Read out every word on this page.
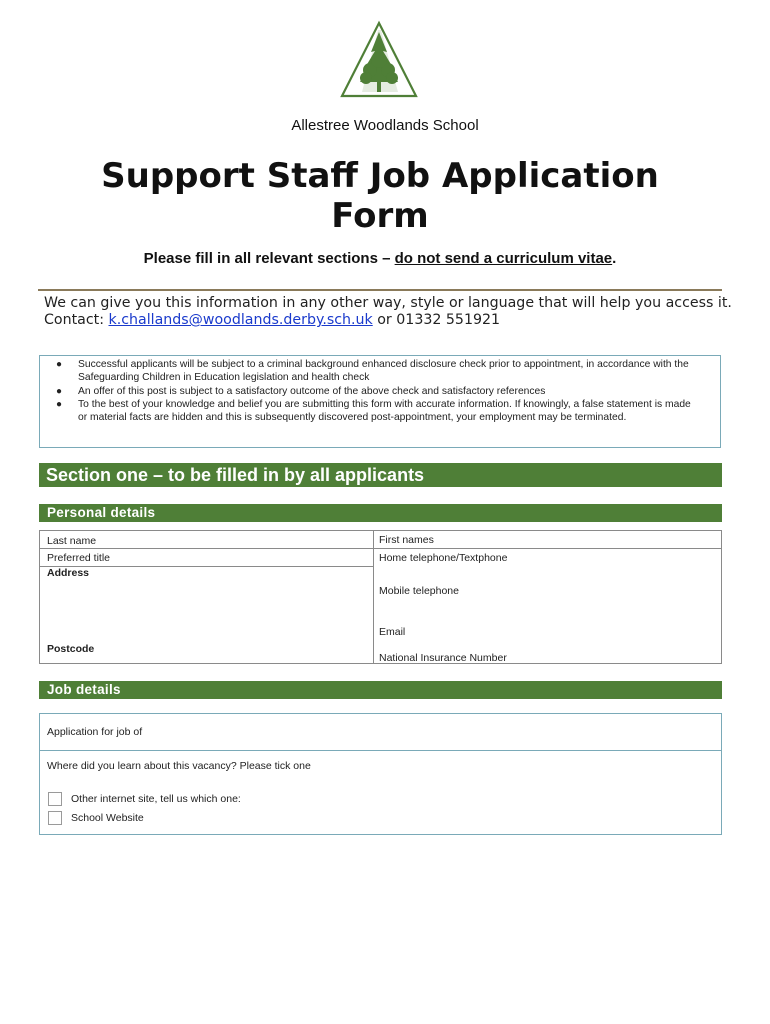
Allestree Woodlands School
Support Staff Job Application Form
Please fill in all relevant sections – do not send a curriculum vitae.
We can give you this information in any other way, style or language that will help you access it. Contact: k.challands@woodlands.derby.sch.uk or 01332 551921
● Successful applicants will be subject to a criminal background enhanced disclosure check prior to appointment, in accordance with the Safeguarding Children in Education legislation and health check
● An offer of this post is subject to a satisfactory outcome of the above check and satisfactory references
● To the best of your knowledge and belief you are submitting this form with accurate information. If knowingly, a false statement is made or material facts are hidden and this is subsequently discovered post-appointment, your employment may be terminated.
Section one – to be filled in by all applicants
Personal details
Last name	First names
Preferred title	Home telephone/Textphone
Address
Mobile telephone
Email
Postcode
National Insurance Number
Job details
Application for job of
Where did you learn about this vacancy? Please tick one
Other internet site, tell us which one:
School Website
